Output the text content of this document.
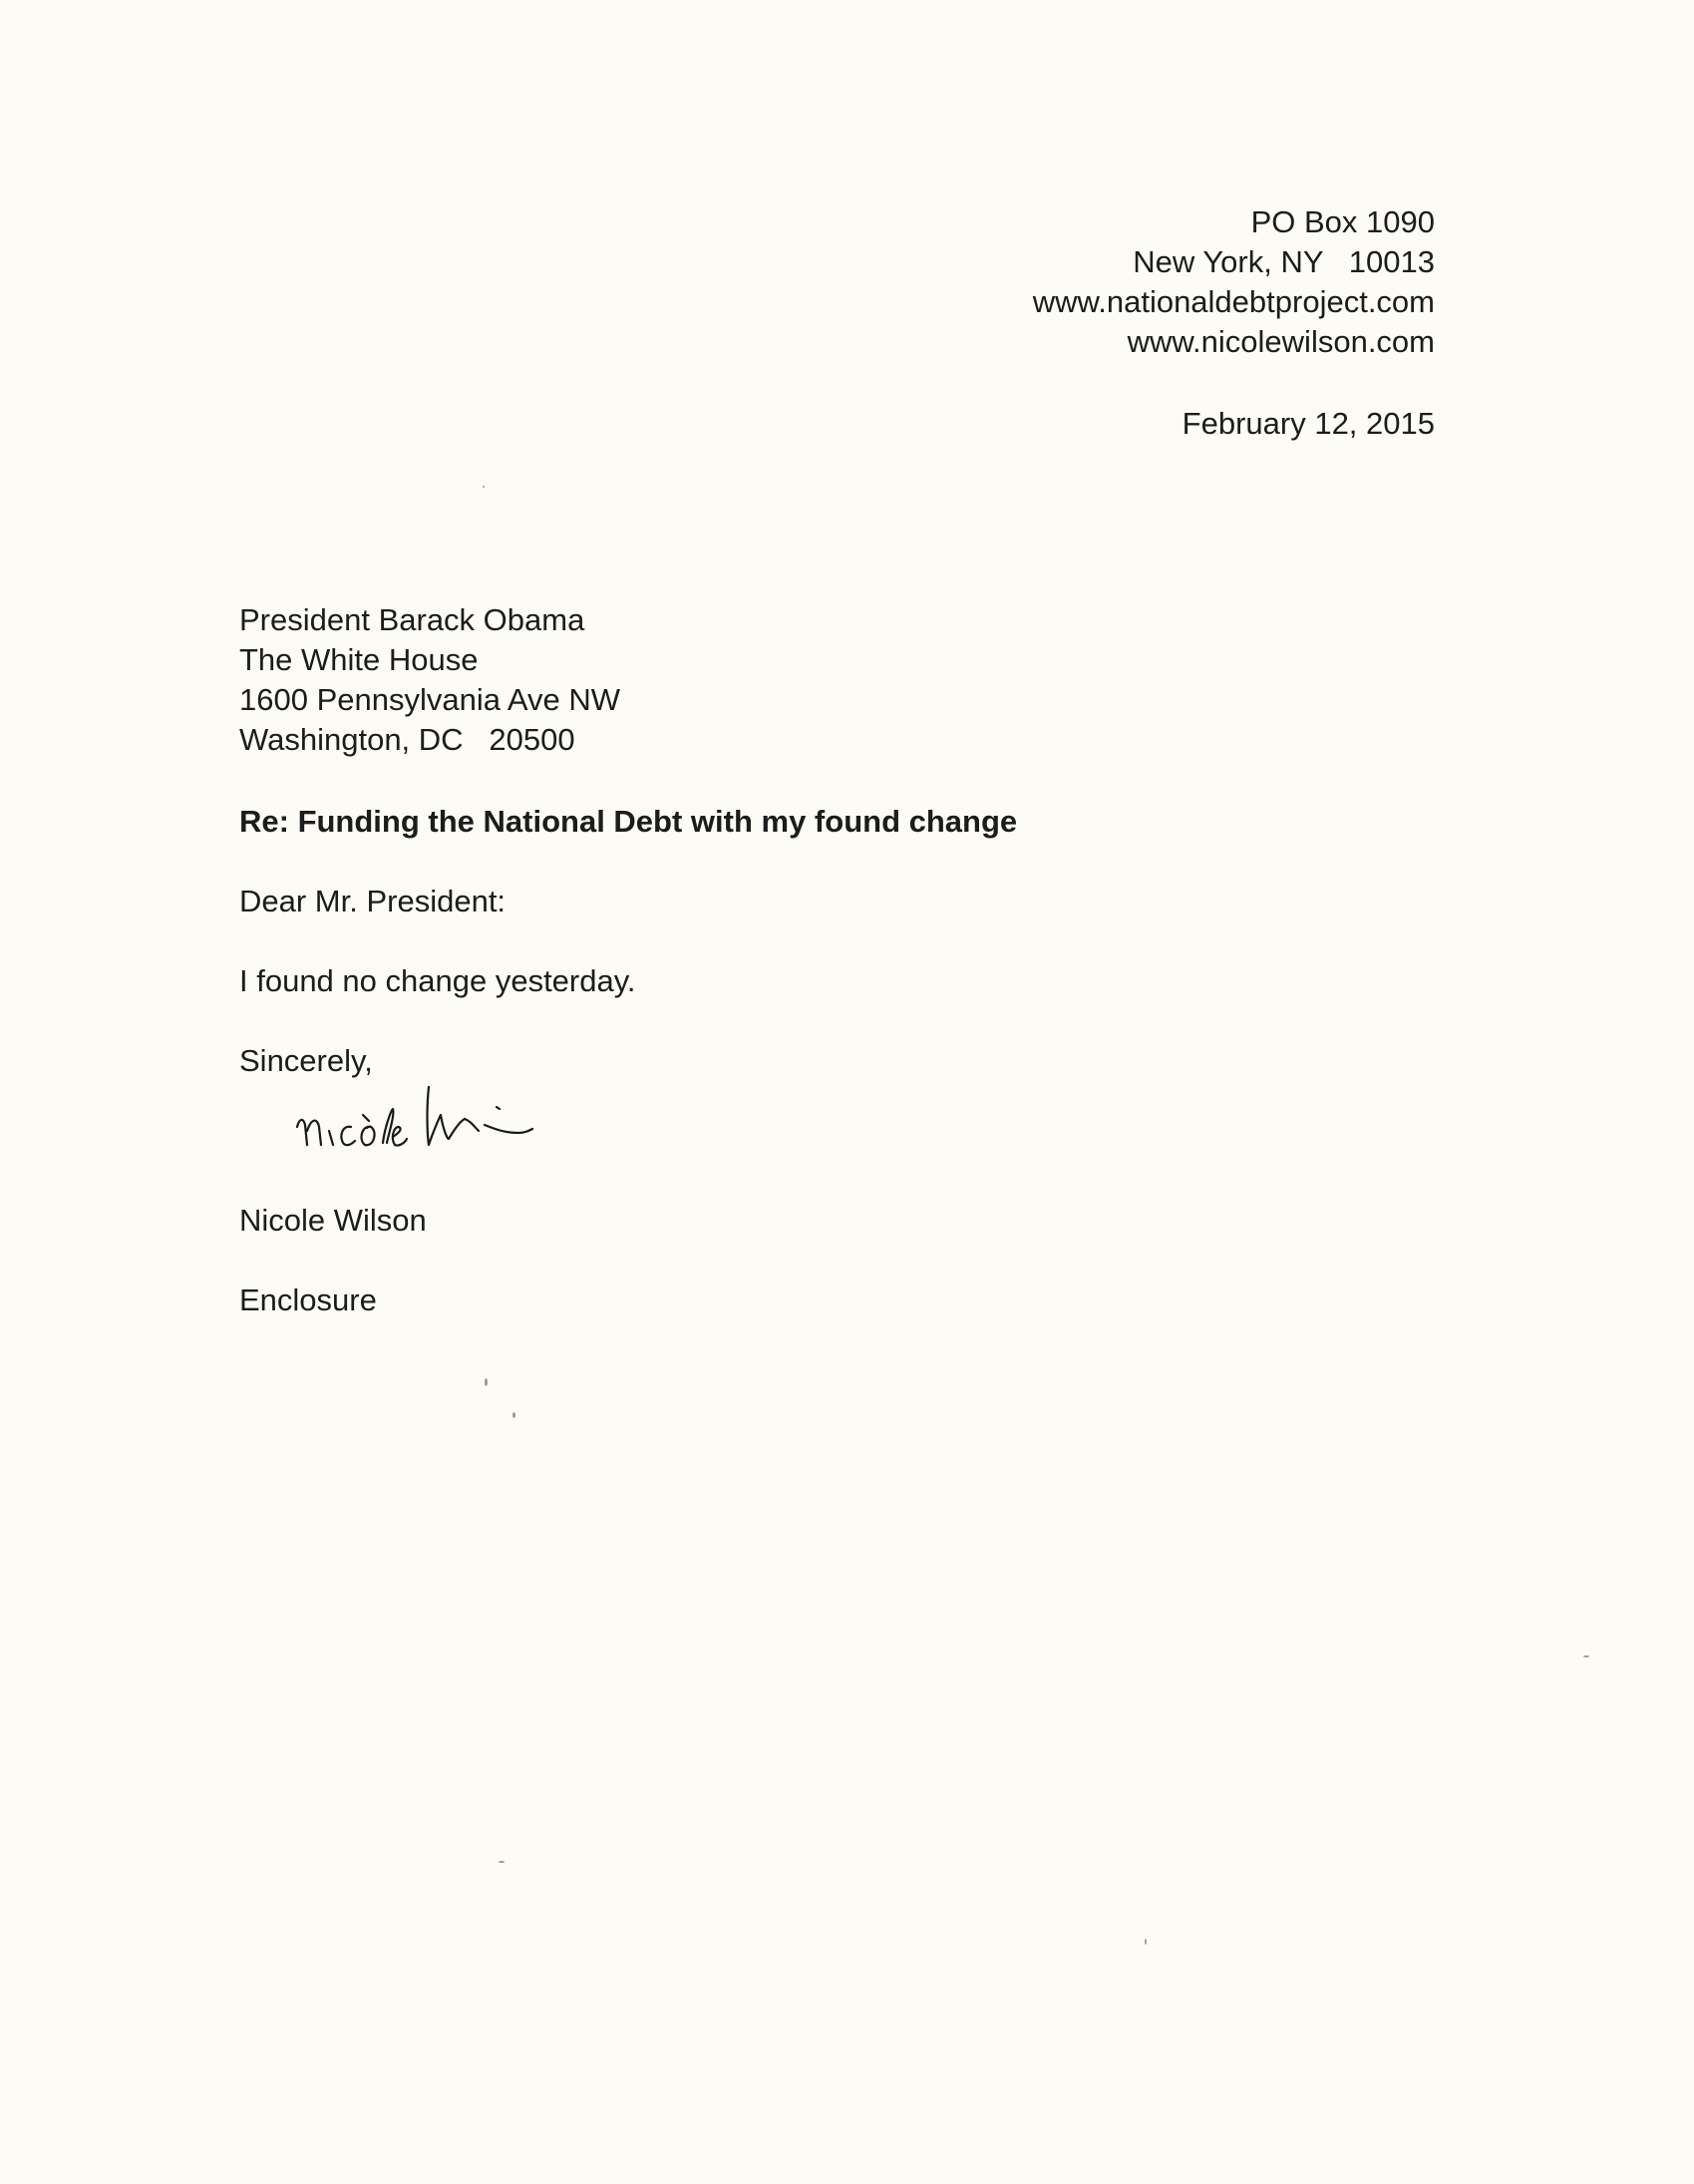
PO Box 1090
New York, NY   10013
www.nationaldebtproject.com
www.nicolewilson.com
February 12, 2015
President Barack Obama
The White House
1600 Pennsylvania Ave NW
Washington, DC   20500
Re: Funding the National Debt with my found change
Dear Mr. President:
I found no change yesterday.
Sincerely,
Nicole Wilson
Enclosure
